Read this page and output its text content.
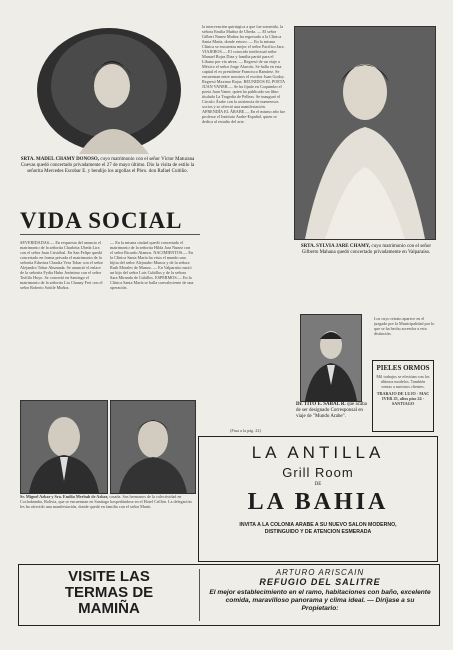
SRTA. MADEL CHAMY DONOSO, cuyo matrimonio con el señor Víctor Maturana Cuevas quedó concertado privadamente el 27 de mayo último. Dio la visita de estilo la señorita Mercedes Escobar E. y bendijo los argollas el Pbro. don Rafael Cuitiño.
VIDA SOCIAL
SEVERIDADAS.— En respuesta del anuncio el matrimonio de la señorita Charlotta Ubeda Lira con el señor Juan Cristóbal. En San Felipe quedó concertado en forma privada el matrimonio de la señorita Eduvina Claudia Vera Tobar con el señor Alejandro Tobar Ahumada. Se anunció el enlace de la señorita Fydia Hubo Jerónimo con el señor Teófilo Hoyo. Se concertó en Santiago el matrimonio de la señorita Liu Chanay Frei con el señor Roberto Sottile Muñoz.
— En la misma ciudad quedó concertado el matrimonio de la señorita Hilda Jara Nunez con el señor Ricardo Alamos. NACIMIENTOS.— En la Clínica Santa María ha visto el mundo una hijita del señor Alejandro Munoz y de la señora Ruth Morales de Munoz. — En Valparaíso nació un hijo del señor Luis Cubillos y de la señora Sara Miranda de Cubillos. ESPERMOS.— En la Clínica Santa María se halla convaleciente de una operación.
la intervención quirúrgica a que fue sometido, la señora Emilia Muñoz de Ubeda. — El señor Gilbert Nunez Muñoz ha regresado a la Clínica Santa María, donde estuvo. — En la misma Clínica se encuentra mejor el señor Pacifico Jara. VIAJEROS.— El conocido intelectual señor Manuel Rojas Diaz y familia partió para el Líbano por vía aérea. — Regresó de un viaje a México el señor Jorge Alarcón. Se halla en esta capital el ex presidente Francisco Ramírez. Se encuentran entre nosotros el escritor Juan Godoy. Regresó Maximo Rojas. REUNIDOS EL POETA JUAN VANER.— Se ha fijado en Coquimbo el poeta Juan Vaner, quien ha publicado un libro titulado La Tragedia de Pelleas. Se inauguró el Circulo Árabe con la asistencia de numerosos socios y se ofreció una manifestación. APRENDÍA EL ÁRABE.— En el mismo año fue profesor el Instituto Arabe-Español, quien se dedica al estudio del arte.
(Pasa a la pág. 22)
SRTA. SYLVIA JARE CHAMY, cuyo matrimonio con el señor Gilberto Mahana quedó concertado privadamente en Valparaíso.
Dr. TITO E. SABAL R. que acaba de ser designado Corresponsal en viaje de "Mundo Arabe".
Los cuyo retrato aparece en el juzgado por la Municipalidad por lo que se ha hecho acreedor a esta distinción.
PIELES ORMOS
Mil trabajos se efectúan con los últimos modelos. También ventas a nuestros clientes.
TRABAJO DE LUJO · MAC IVER 25, altos piso 24 · SANTIAGO
Sr. Miguel Azbar y Sra. Emilia Merhab de Azbar, casada. Sus hermanos de la colectividad en Cochabamba, Bolivia, que se encuentran en Santiago hospedándose en el Hotel Crillón. La delegación les ha ofrecido una manifestación, donde quedó en familia con el señor Marín.
LA ANTILLA
Grill Room
DE
LA BAHIA
INVITA A LA COLONIA ARABE A SU NUEVO SALON MODERNO, DISTINGUIDO Y DE ATENCION ESMERADA
VISITE LAS
TERMAS DE
MAMIÑA
ARTURO ARISCAIN
REFUGIO DEL SALITRE
El mejor establecimiento en el ramo, habitaciones con baño, excelente comida, maravilloso panorama y clima ideal. — Diríjase a su Propietario:
